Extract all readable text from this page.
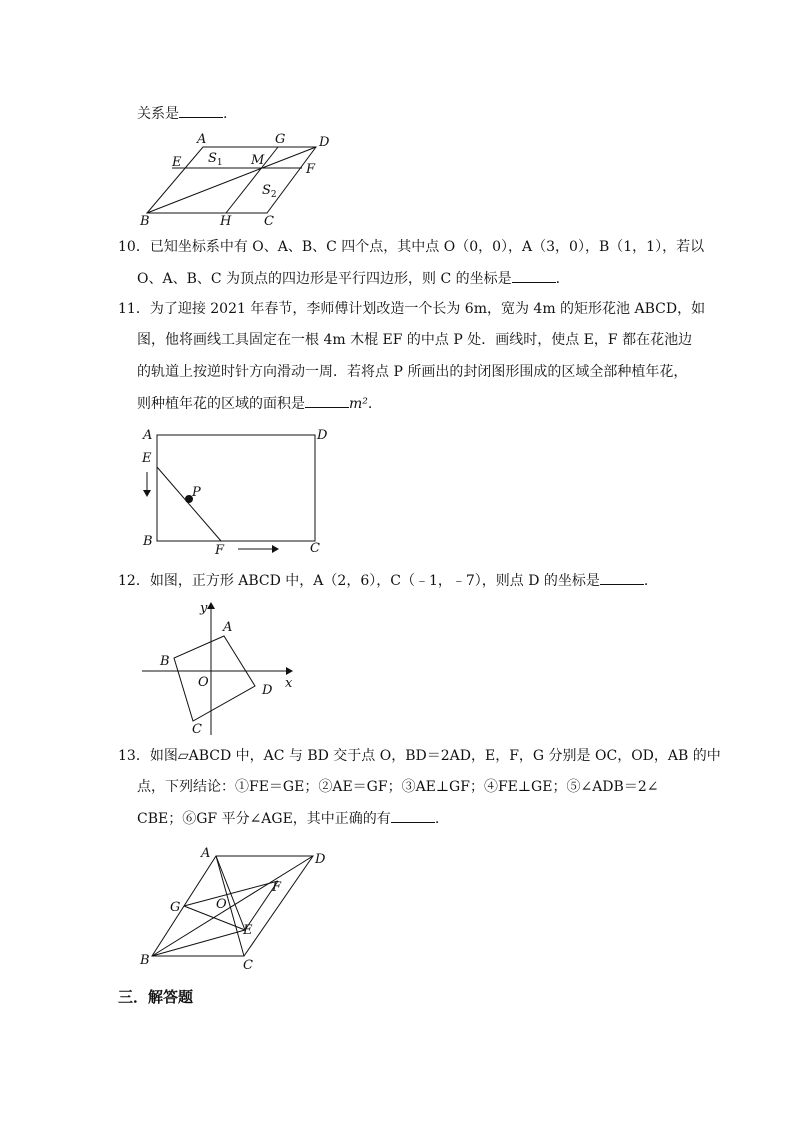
关系是	.
A	G	D
E $S_1$ M
F
$S_2$
B	H	C
10．已知坐标系中有 O、A、B、C 四个点，其中点 O（0，0），A（3，0），B（1，1），若以
O、A、B、C 为顶点的四边形是平行四边形，则 C 的坐标是	.
11．为了迎接 2021 年春节，李师傅计划改造一个长为 6m，宽为 4m 的矩形花池 ABCD，如
图，他将画线工具固定在一根 4m 木棍 EF 的中点 P 处．画线时，使点 E，F 都在花池边
的轨道上按逆时针方向滑动一周．若将点 P 所画出的封闭图形围成的区域全部种植年花，
则种植年花的区域的面积是	m².
A	D
E
P
B
F	C
12．如图，正方形 ABCD 中，A（2，6），C（﹣1，﹣7），则点 D 的坐标是	.
y
x
A
B
O
D
C
13．如图▱ABCD 中，AC 与 BD 交于点 O，BD＝2AD，E，F，G 分别是 OC，OD，AB 的中
点，下列结论：①FE＝GE；②AE＝GF；③AE⊥GF；④FE⊥GE；⑤∠ADB＝2∠
CBE；⑥GF 平分∠AGE，其中正确的有	.
A	D
F
G	O
E
B	C
三．解答题
